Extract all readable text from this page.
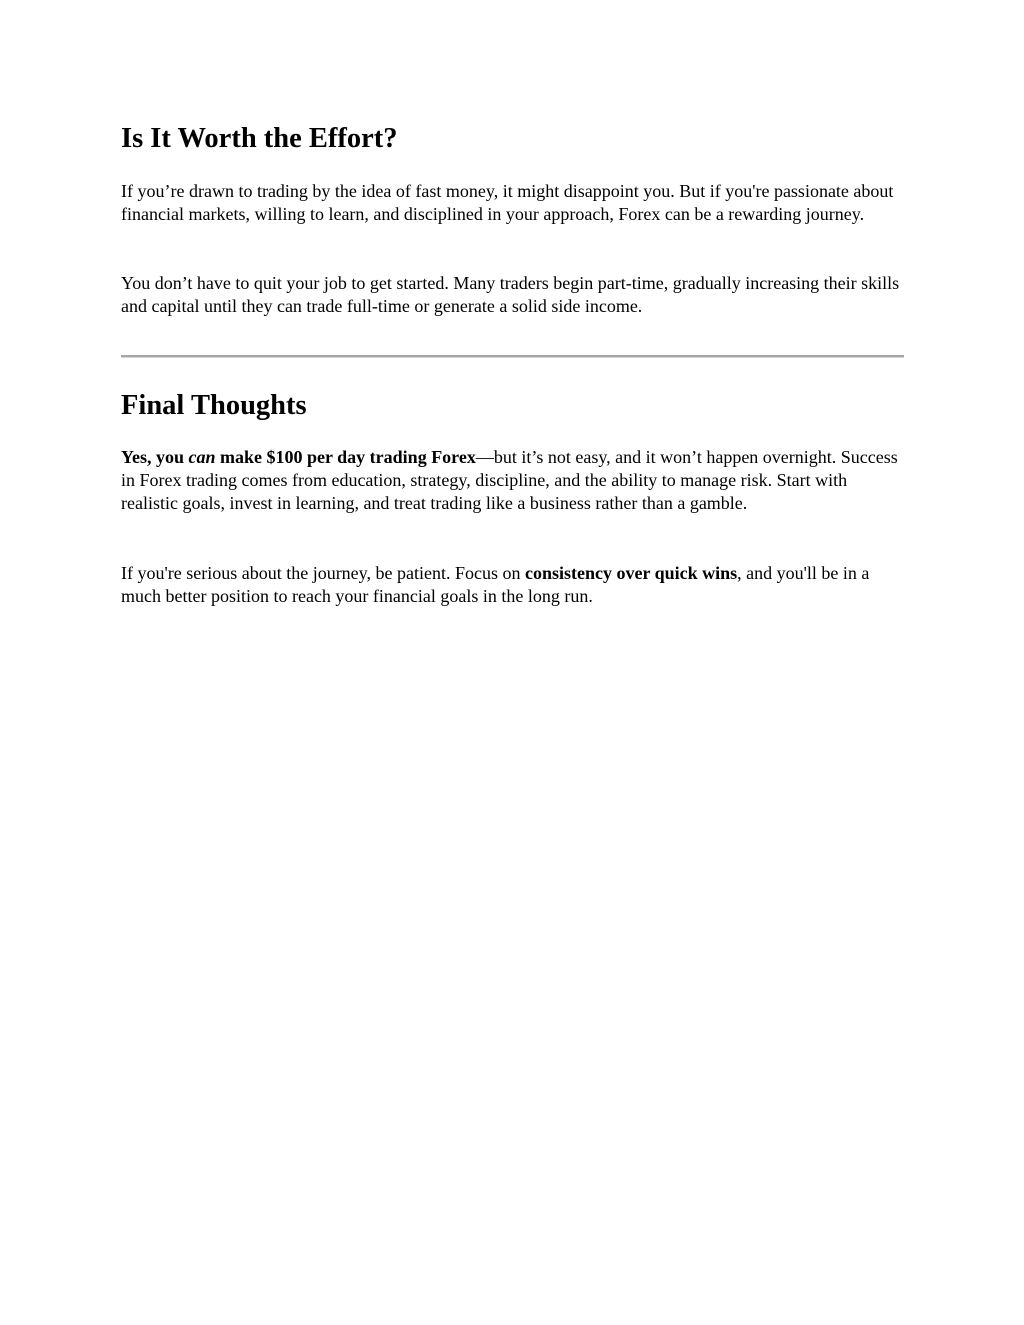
Is It Worth the Effort?

If you’re drawn to trading by the idea of fast money, it might disappoint you. But if you're passionate about financial markets, willing to learn, and disciplined in your approach, Forex can be a rewarding journey.

You don’t have to quit your job to get started. Many traders begin part-time, gradually increasing their skills and capital until they can trade full-time or generate a solid side income.

Final Thoughts

Yes, you can make $100 per day trading Forex—but it’s not easy, and it won’t happen overnight. Success in Forex trading comes from education, strategy, discipline, and the ability to manage risk. Start with realistic goals, invest in learning, and treat trading like a business rather than a gamble.

If you're serious about the journey, be patient. Focus on consistency over quick wins, and you'll be in a much better position to reach your financial goals in the long run.
